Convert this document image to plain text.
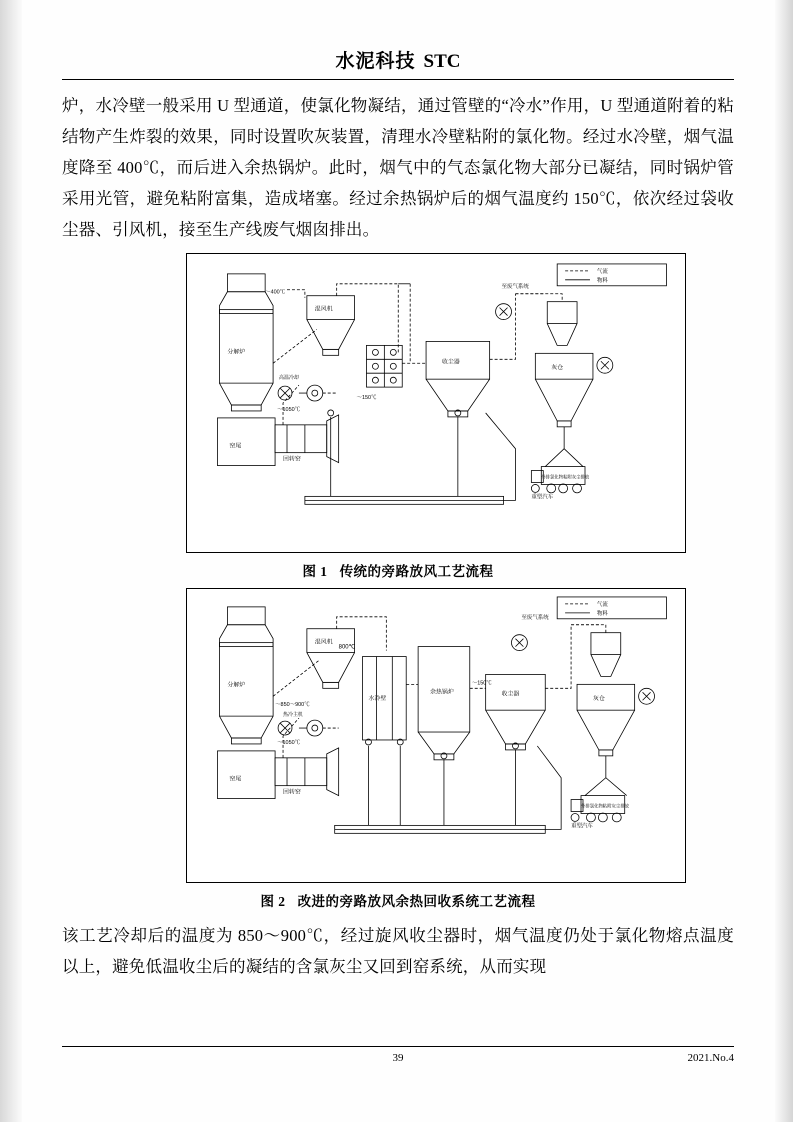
水泥科技 STC

炉，水冷壁一般采用 U 型通道，使氯化物凝结，通过管壁的“冷水”作用，U 型通道附着的粘结物产生炸裂的效果，同时设置吹灰装置，清理水冷壁粘附的氯化物。经过水冷壁，烟气温度降至 400℃，而后进入余热锅炉。此时，烟气中的气态氯化物大部分已凝结，同时锅炉管采用光管，避免粘附富集，造成堵塞。经过余热锅炉后的烟气温度约 150℃，依次经过袋收尘器、引风机，接至生产线废气烟囱排出。

气流
物料
分解炉
窑尾
回转窑
高温冷却
～1050℃
混风机
～400℃
～150℃
收尘器
至废气系统
灰仓
重型汽车
外排氯化物粘附灰尘排放
图 1 传统的旁路放风工艺流程
气流
物料
分解炉
窑尾
回转窑
热冷主机
～850～900℃
～1050℃
混风机
800℃
水冷壁
余热锅炉
～150℃
收尘器
至废气系统
灰仓
重型汽车
外排氯化物粘附灰尘排放
图 2 改进的旁路放风余热回收系统工艺流程

该工艺冷却后的温度为 850～900℃，经过旋风收尘器时，烟气温度仍处于氯化物熔点温度以上，避免低温收尘后的凝结的含氯灰尘又回到窑系统，从而实现

39	2021.No.4
